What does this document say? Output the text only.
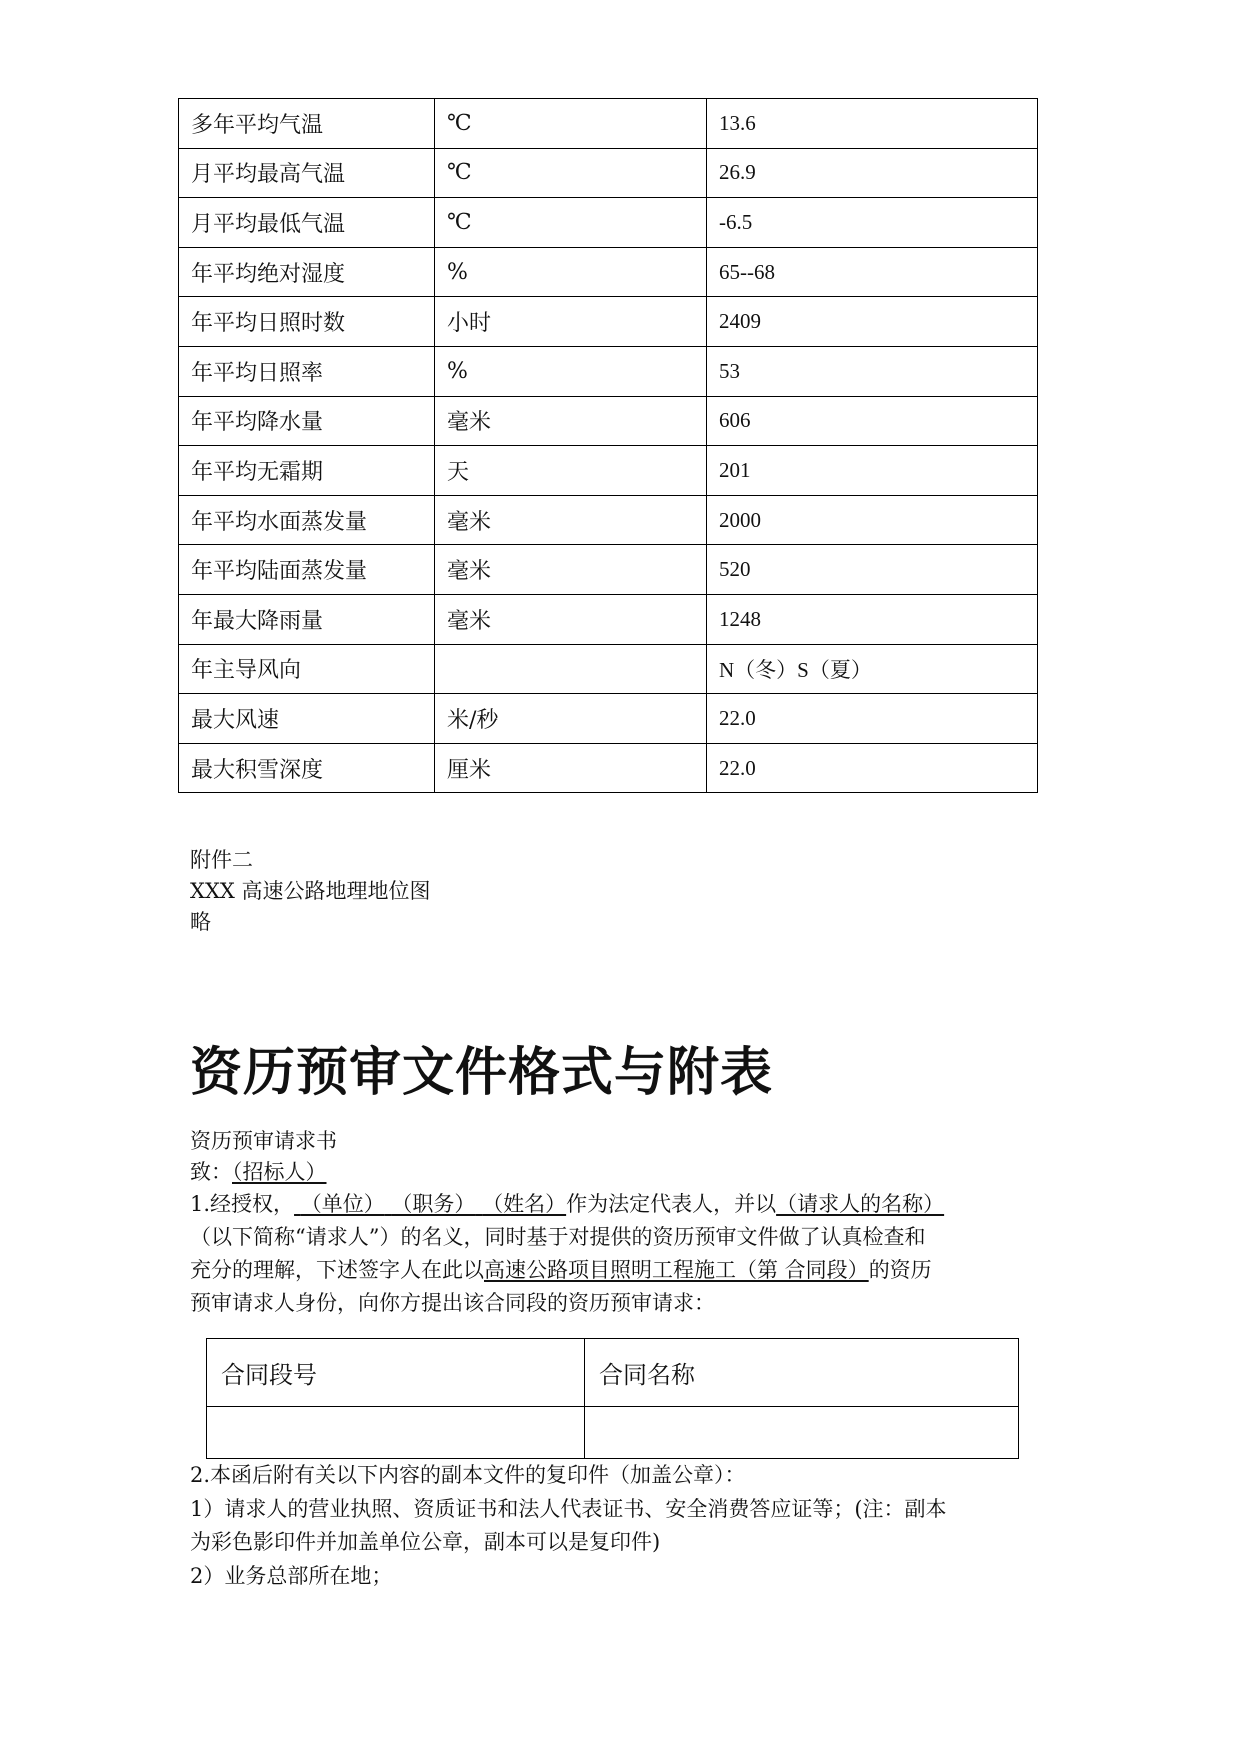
多年平均气温	℃	13.6
月平均最高气温	℃	26.9
月平均最低气温	℃	-6.5
年平均绝对湿度	%	65--68
年平均日照时数	小时	2409
年平均日照率	%	53
年平均降水量	毫米	606
年平均无霜期	天	201
年平均水面蒸发量	毫米	2000
年平均陆面蒸发量	毫米	520
年最大降雨量	毫米	1248
年主导风向		N（冬）S（夏）
最大风速	米/秒	22.0
最大积雪深度	厘米	22.0
附件二
XXX 高速公路地理地位图
略
资历预审文件格式与附表
资历预审请求书
致：（招标人）
1.经授权， （单位） （职务） （姓名）作为法定代表人，并以（请求人的名称）
（以下简称“请求人”）的名义，同时基于对提供的资历预审文件做了认真检查和
充分的理解，下述签字人在此以高速公路项目照明工程施工（第 合同段）的资历
预审请求人身份，向你方提出该合同段的资历预审请求：
合同段号	合同名称

2.本函后附有关以下内容的副本文件的复印件（加盖公章）：
1）请求人的营业执照、资质证书和法人代表证书、安全消费答应证等；(注：副本
为彩色影印件并加盖单位公章，副本可以是复印件)
2）业务总部所在地；
